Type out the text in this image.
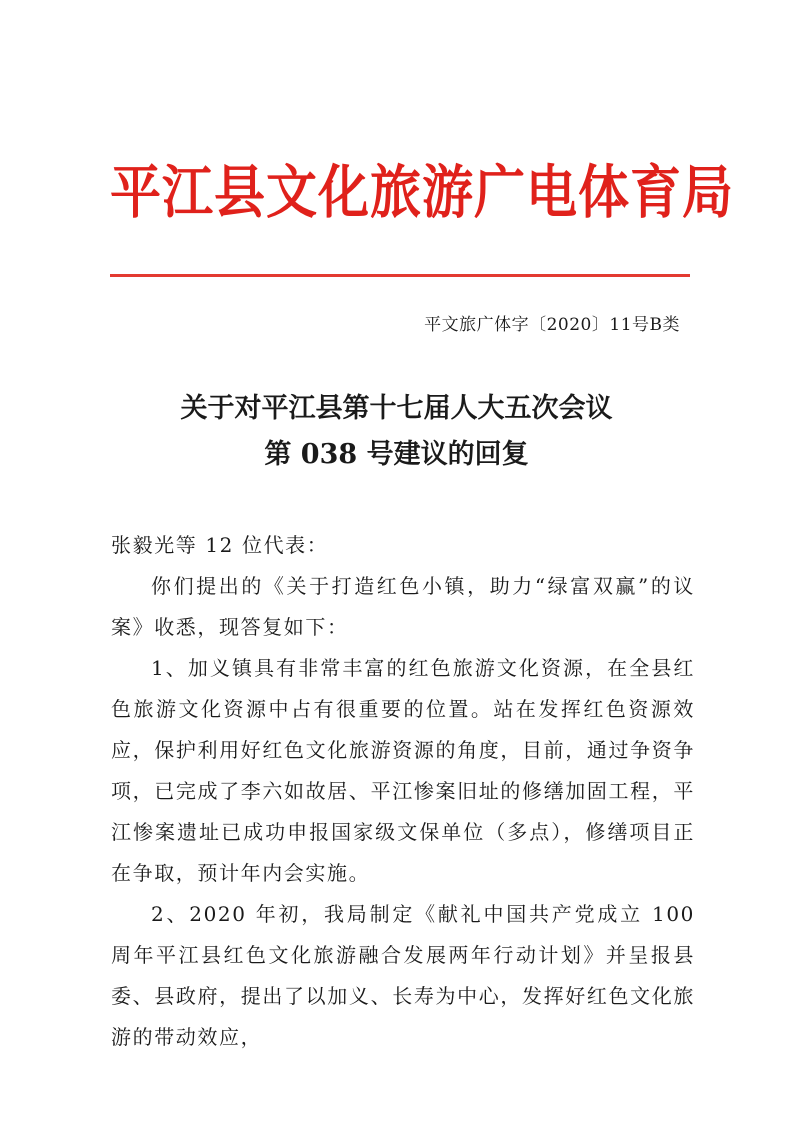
平江县文化旅游广电体育局
平文旅广体字〔2020〕11号B类
关于对平江县第十七届人大五次会议
第 038 号建议的回复

张毅光等 12 位代表：

你们提出的《关于打造红色小镇，助力“绿富双赢”的议案》收悉，现答复如下：

1、加义镇具有非常丰富的红色旅游文化资源，在全县红色旅游文化资源中占有很重要的位置。站在发挥红色资源效应，保护利用好红色文化旅游资源的角度，目前，通过争资争项，已完成了李六如故居、平江惨案旧址的修缮加固工程，平江惨案遗址已成功申报国家级文保单位（多点），修缮项目正在争取，预计年内会实施。

2、2020 年初，我局制定《献礼中国共产党成立 100 周年平江县红色文化旅游融合发展两年行动计划》并呈报县委、县政府，提出了以加义、长寿为中心，发挥好红色文化旅游的带动效应，
